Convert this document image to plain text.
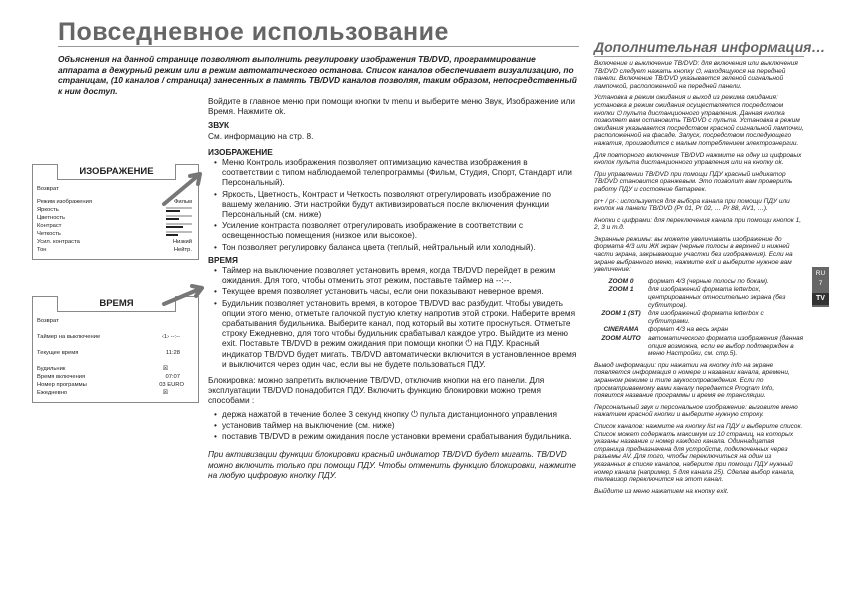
Повседневное использование
Дополнительная информация…

Объяснения на данной странице позволяют выполнить регулировку изображения TB/DVD, программирование аппарата в дежурный режим или в режим автоматического останова. Список каналов обеспечивает визуализацию, по страницам, (10 каналов / страница) занесенных в память TB/DVD каналов позволяя, таким образом, непосредственный к ним доступ.

ИЗОБРАЖЕНИЕ
Возврат
Режим изображения	Фильм
Яркость
Цветность
Контраст
Четкость
Усил. контраста	Низкий
Тон	Нейтр.
ВРЕМЯ
Возврат
Таймер на выключение	‹1› --:--
Текущее время	11:28
Будильник	☒
Время включения	07:07
Номер программы	03 EURO
Ежедневно	☒

Войдите в главное меню при помощи кнопки tv menu и выберите меню Звук, Изображение или Время. Нажмите ok.

ЗВУК

См. информацию на стр. 8.

ИЗОБРАЖЕНИЕ

• Меню Контроль изображения позволяет оптимизацию качества изображения в соответствии с типом наблюдаемой телепрограммы (Фильм, Студия, Спорт, Стандарт или Персональный).
• Яркость, Цветность, Контраст и Четкость позволяют отрегулировать изображение по вашему желанию. Эти настройки будут активизироваться после включения функции Персональный (см. ниже)
• Усиление контраста позволяет отрегулировать изображение в соответствии с освещенностью помещения (низкое или высокое).
• Тон позволяет регулировку баланса цвета (теплый, нейтральный или холодный).

ВРЕМЯ

• Таймер на выключение позволяет установить время, когда TB/DVD перейдет в режим ожидания. Для того, чтобы отменить этот режим, поставьте таймер на --:--.
• Текущее время позволяет установить часы, если они показывают неверное время.
• Будильник позволяет установить время, в которое TB/DVD вас разбудит. Чтобы увидеть опции этого меню, отметьте галочкой пустую клетку напротив этой строки. Наберите время срабатывания будильника. Выберите канал, под который вы хотите проснуться. Отметьте строку Ежедневно, для того чтобы будильник срабатывал каждое утро. Выйдите из меню exit. Поставьте TB/DVD в режим ожидания при помощи кнопки ⏻ на ПДУ. Красный индикатор TB/DVD будет мигать. TB/DVD автоматически включится в установленное время и выключится через один час, если вы не будете пользоваться ПДУ.

Блокировка: можно запретить включение TB/DVD, отключив кнопки на его панели. Для эксплуатации TB/DVD понадобится ПДУ. Включить функцию блокировки можно тремя способами :

• держа нажатой в течение более 3 секунд кнопку ⏻ пульта дистанционного управления
• установив таймер на выключение (см. ниже)
• поставив TB/DVD в режим ожидания после установки времени срабатывания будильника.

При активизации функции блокировки красный индикатор TB/DVD будет мигать. TB/DVD можно включить только при помощи ПДУ. Чтобы отменить функцию блокировки, нажмите на любую цифровую кнопку ПДУ.

Включение и выключение TB/DVD: для включения или выключения TB/DVD следует нажать кнопку ⏻, находящуюся на передней панели. Включение TB/DVD указывается зеленой сигнальной лампочкой, расположенной на передней панели.

Установка в режим ожидания и выход из режима ожидания: установка в режим ожидания осуществляется посредством кнопки ⏻ пульта дистанционного управления. Данная кнопка позволяет вам остановить TB/DVD с пульта. Установка в режим ожидания указывается посредством красной сигнальной лампочки, расположенной на фасаде. Запуск, посредством последующего нажатия, производится с малым потреблением электроэнергии.

Для повторного включения TB/DVD нажмите на одну из цифровых кнопок пульта дистанционного управления или на кнопку ok.

При управлении TB/DVD при помощи ПДУ красный индикатор TB/DVD становится оранжевым. Это позволит вам проверить работу ПДУ и состояние батареек.

pr+ / pr-: используется для выбора канала при помощи ПДУ или кнопок на панели TB/DVD (Pr 01, Pr 02, … Pr 88, AV1, …).

Кнопки с цифрами: для переключения канала при помощи кнопок 1, 2, 3 и т.д.

Экранные режимы: вы можете увеличивать изображение до формата 4/3 или ЖК экран (черные полосы в верхней и нижней части экрана, закрывающие участки без изображения). Если на экране выбранного меню, нажмите exit и выберите нужное вам увеличение:

ZOOM 0	формат 4/3 (черные полосы по бокам).
ZOOM 1	для изображений формата letterbox, центрированных относительно экрана (без субтитров).
ZOOM 1 (ST)	для изображений формата letterbox с субтитрами.
CINERAMA	формат 4/3 на весь экран
ZOOM AUTO	автоматического формата изображения (данная опция возможна, если ее выбор подтвержден в меню Настройки, см. стр.5).

Вывод информации: при нажатии на кнопку info на экране появляется информация о номере и названии канала, времени, экранном режиме и типе звукосопровождения. Если по просматриваемому вами каналу передается Program Info, появится название программы и время ее трансляции.

Персональный звук и персональное изображение: вызовите меню нажатием красной кнопки и выберите нужную строку.

Список каналов: нажмите на кнопку list на ПДУ и выберите список. Список может содержать максимум из 10 страниц, на которых указаны название и номер каждого канала. Одиннадцатая страница предназначена для устройств, подключенных через разъемы AV. Для того, чтобы переключиться на один из указанных в списке каналов, наберите при помощи ПДУ нужный номер канала (например, 5 для канала 25). Сделав выбор канала, телевизор переключится на этот канал.

Выйдите из меню нажатием на кнопку exit.

RU
7
TV
